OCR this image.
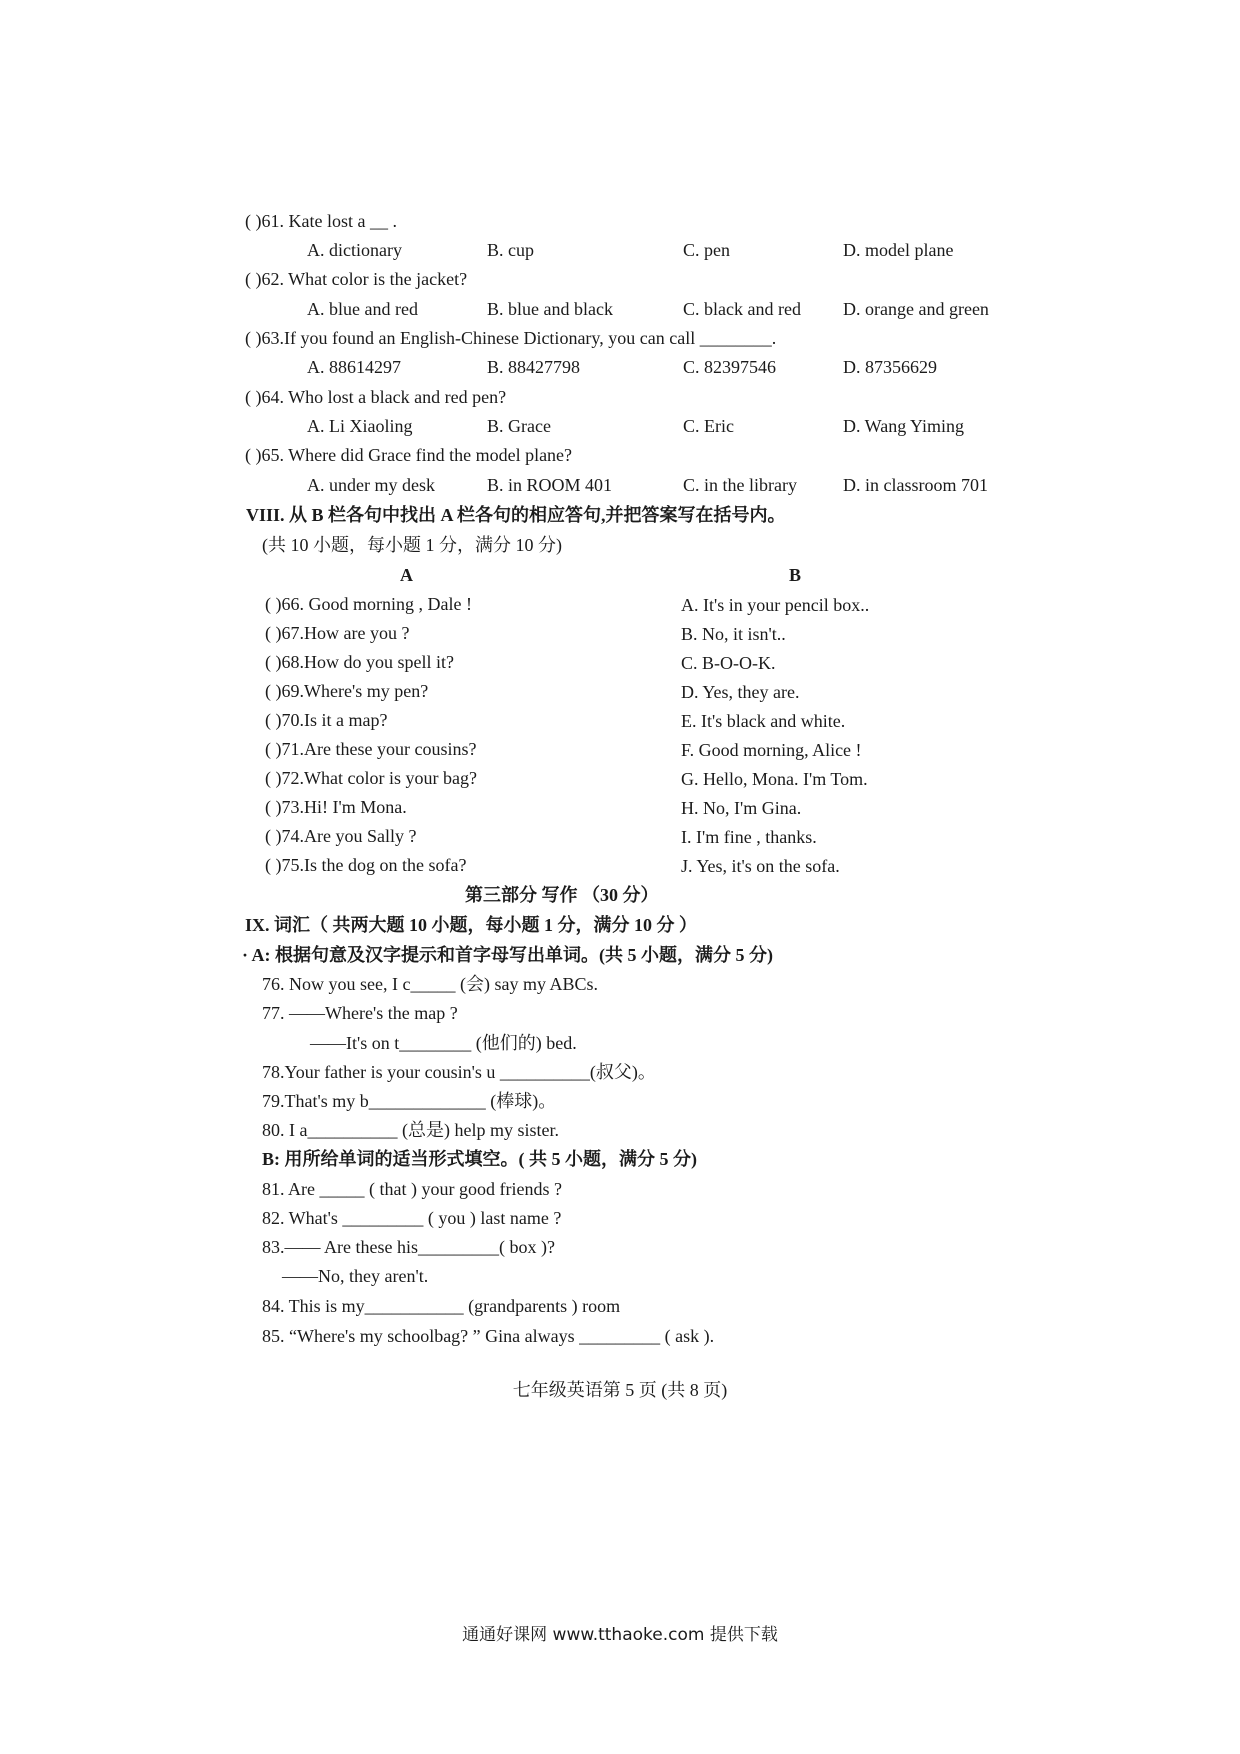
( )61. Kate lost a __ .
A. dictionary	B. cup	C. pen	D. model plane
( )62. What color is the jacket?
A. blue and red	B. blue and black	C. black and red D. orange and green
( )63.If you found an English-Chinese Dictionary, you can call ________.
A. 88614297	B. 88427798	C. 82397546	D. 87356629
( )64. Who lost a black and red pen?
A. Li Xiaoling	B. Grace	C. Eric	D. Wang Yiming
( )65. Where did Grace find the model plane?
A. under my desk	B. in ROOM 401	C. in the library	D. in classroom 701
VIII. 从 B 栏各句中找出 A 栏各句的相应答句,并把答案写在括号内。
(共 10 小题，每小题 1 分，满分 10 分)
A	B
( )66. Good morning , Dale !	A. It's in your pencil box..
( )67.How are you ?	B. No, it isn't..
( )68.How do you spell it?	C. B-O-O-K.
( )69.Where's my pen?	D. Yes, they are.
( )70.Is it a map?	E. It's black and white.
( )71.Are these your cousins?	F. Good morning, Alice !
( )72.What color is your bag?	G. Hello, Mona. I'm Tom.
( )73.Hi! I'm Mona.	H. No, I'm Gina.
( )74.Are you Sally ?	I. I'm fine , thanks.
( )75.Is the dog on the sofa?	J. Yes, it's on the sofa.
第三部分 写作 （30 分）
IX. 词汇（ 共两大题 10 小题，每小题 1 分，满分 10 分 ）
· A: 根据句意及汉字提示和首字母写出单词。(共 5 小题，满分 5 分)
76. Now you see, I c_____ (会) say my ABCs.
77. ——Where's the map ?
——It's on t________ (他们的) bed.
78.Your father is your cousin's u __________(叔父)。
79.That's my b_____________ (棒球)。
80. I a__________ (总是) help my sister.
B: 用所给单词的适当形式填空。( 共 5 小题，满分 5 分)
81. Are _____ ( that ) your good friends ?
82. What's _________ ( you ) last name ?
83.—— Are these his_________( box )?
——No, they aren't.
84. This is my___________ (grandparents ) room
85. “Where's my schoolbag? ” Gina always _________ ( ask ).
七年级英语第 5 页 (共 8 页)
通通好课网 www.tthaoke.com 提供下载
